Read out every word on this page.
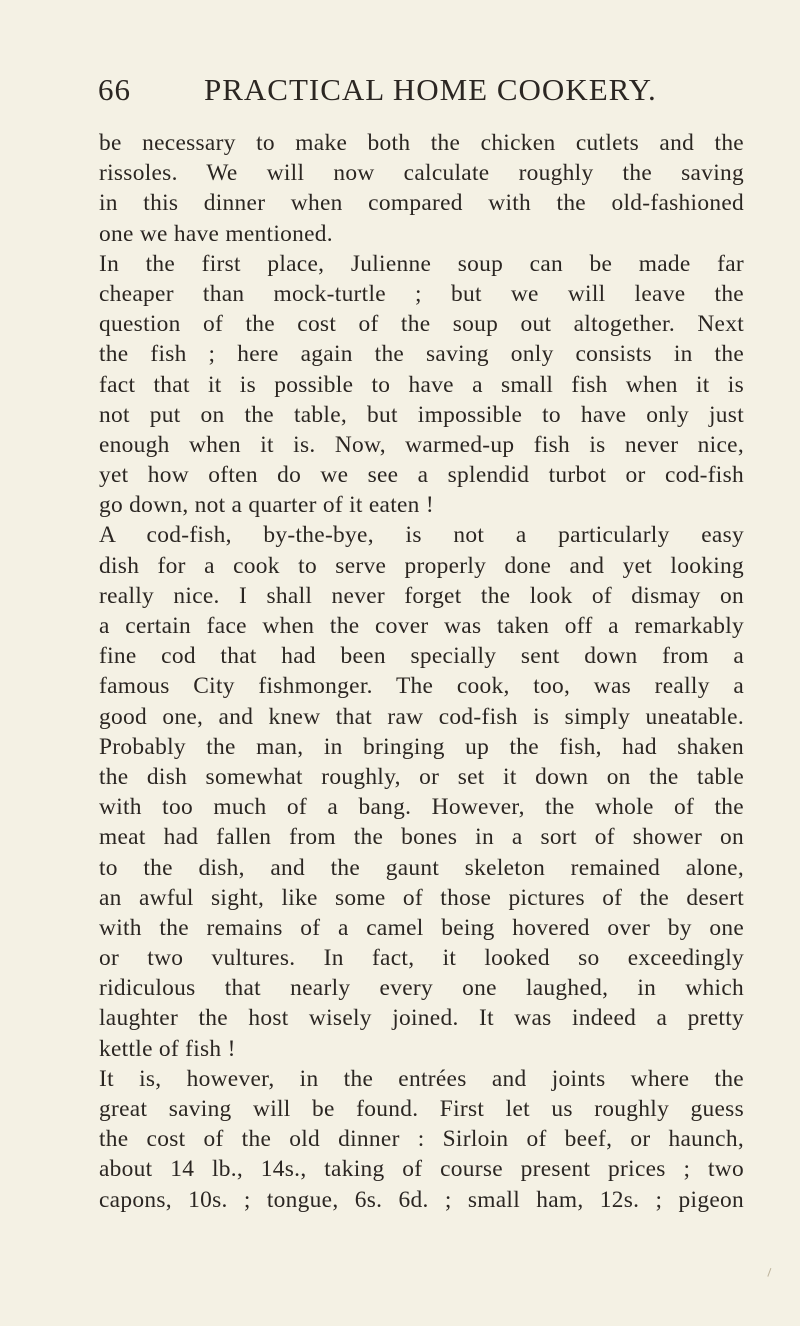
66 PRACTICAL HOME COOKERY.
be necessary to make both the chicken cutlets and the
rissoles. We will now calculate roughly the saving
in this dinner when compared with the old-fashioned
one we have mentioned.
In the first place, Julienne soup can be made far
cheaper than mock-turtle ; but we will leave the
question of the cost of the soup out altogether. Next
the fish ; here again the saving only consists in the
fact that it is possible to have a small fish when it is
not put on the table, but impossible to have only just
enough when it is. Now, warmed-up fish is never nice,
yet how often do we see a splendid turbot or cod-fish
go down, not a quarter of it eaten !
A cod-fish, by-the-bye, is not a particularly easy
dish for a cook to serve properly done and yet looking
really nice. I shall never forget the look of dismay on
a certain face when the cover was taken off a remarkably
fine cod that had been specially sent down from a
famous City fishmonger. The cook, too, was really a
good one, and knew that raw cod-fish is simply uneatable.
Probably the man, in bringing up the fish, had shaken
the dish somewhat roughly, or set it down on the table
with too much of a bang. However, the whole of the
meat had fallen from the bones in a sort of shower on
to the dish, and the gaunt skeleton remained alone,
an awful sight, like some of those pictures of the desert
with the remains of a camel being hovered over by one
or two vultures. In fact, it looked so exceedingly
ridiculous that nearly every one laughed, in which
laughter the host wisely joined. It was indeed a pretty
kettle of fish !
It is, however, in the entrées and joints where the
great saving will be found. First let us roughly guess
the cost of the old dinner : Sirloin of beef, or haunch,
about 14 lb., 14s., taking of course present prices ; two
capons, 10s. ; tongue, 6s. 6d. ; small ham, 12s. ; pigeon
